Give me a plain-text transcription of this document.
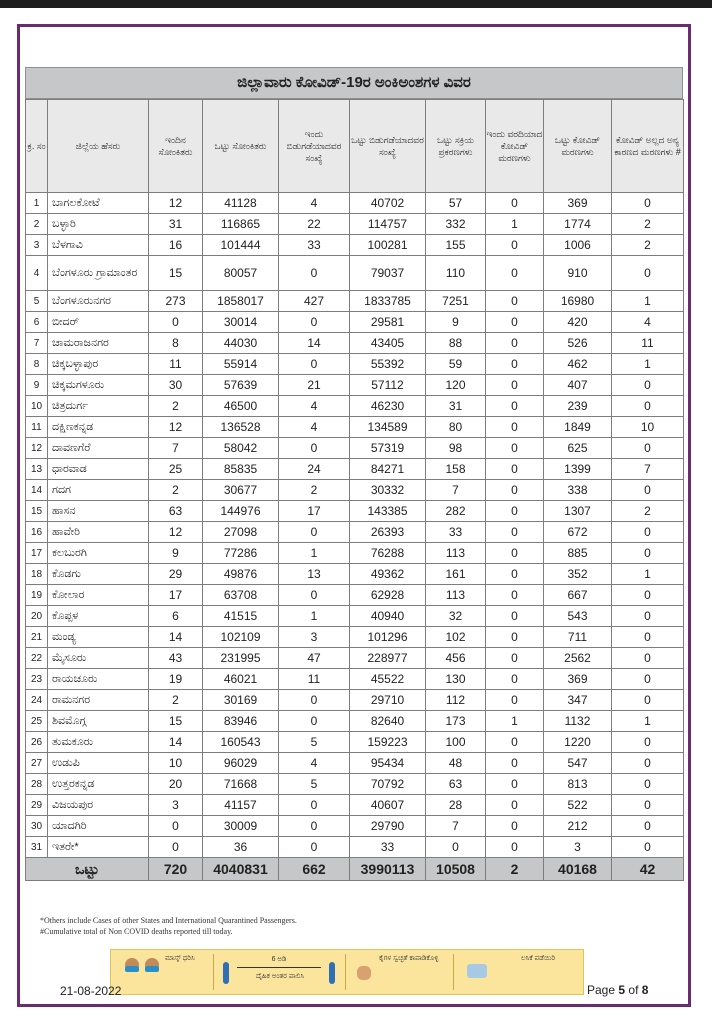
ಜಿಲ್ಲಾವಾರು ಕೋವಿಡ್-19ರ ಅಂಕಿಅಂಶಗಳ ವಿವರ
ಕ್ರ. ಸಂ	ಜಿಲ್ಲೆಯ ಹೆಸರು	ಇಂದಿನ ಸೋಂಕಿತರು	ಒಟ್ಟು ಸೋಂಕಿತರು	ಇಂದು ಬಿಡುಗಡೆಯಾದವರ ಸಂಖ್ಯೆ	ಒಟ್ಟು ಬಿಡುಗಡೆಯಾದವರ ಸಂಖ್ಯೆ	ಒಟ್ಟು ಸಕ್ರಿಯ ಪ್ರಕರಣಗಳು	ಇಂದು ವರದಿಯಾದ ಕೋವಿಡ್ ಮರಣಗಳು	ಒಟ್ಟು ಕೋವಿಡ್ ಮರಣಗಳು	ಕೋವಿಡ್ ಅಲ್ಲದ ಅನ್ಯ ಕಾರಣದ ಮರಣಗಳು #
1	ಬಾಗಲಕೋಟೆ	12	41128	4	40702	57	0	369	0
2	ಬಳ್ಳಾರಿ	31	116865	22	114757	332	1	1774	2
3	ಬೆಳಗಾವಿ	16	101444	33	100281	155	0	1006	2
4	ಬೆಂಗಳೂರು ಗ್ರಾಮಾಂತರ	15	80057	0	79037	110	0	910	0
5	ಬೆಂಗಳೂರುನಗರ	273	1858017	427	1833785	7251	0	16980	1
6	ಬೀದರ್	0	30014	0	29581	9	0	420	4
7	ಚಾಮರಾಜನಗರ	8	44030	14	43405	88	0	526	11
8	ಚಿಕ್ಕಬಳ್ಳಾಪುರ	11	55914	0	55392	59	0	462	1
9	ಚಿಕ್ಕಮಗಳೂರು	30	57639	21	57112	120	0	407	0
10	ಚಿತ್ರದುರ್ಗ	2	46500	4	46230	31	0	239	0
11	ದಕ್ಷಿಣಕನ್ನಡ	12	136528	4	134589	80	0	1849	10
12	ದಾವಣಗೆರೆ	7	58042	0	57319	98	0	625	0
13	ಧಾರವಾಡ	25	85835	24	84271	158	0	1399	7
14	ಗದಗ	2	30677	2	30332	7	0	338	0
15	ಹಾಸನ	63	144976	17	143385	282	0	1307	2
16	ಹಾವೇರಿ	12	27098	0	26393	33	0	672	0
17	ಕಲಬುರಗಿ	9	77286	1	76288	113	0	885	0
18	ಕೊಡಗು	29	49876	13	49362	161	0	352	1
19	ಕೋಲಾರ	17	63708	0	62928	113	0	667	0
20	ಕೊಪ್ಪಳ	6	41515	1	40940	32	0	543	0
21	ಮಂಡ್ಯ	14	102109	3	101296	102	0	711	0
22	ಮೈಸೂರು	43	231995	47	228977	456	0	2562	0
23	ರಾಯಚೂರು	19	46021	11	45522	130	0	369	0
24	ರಾಮನಗರ	2	30169	0	29710	112	0	347	0
25	ಶಿವಮೊಗ್ಗ	15	83946	0	82640	173	1	1132	1
26	ತುಮಕೂರು	14	160543	5	159223	100	0	1220	0
27	ಉಡುಪಿ	10	96029	4	95434	48	0	547	0
28	ಉತ್ತರಕನ್ನಡ	20	71668	5	70792	63	0	813	0
29	ವಿಜಯಪುರ	3	41157	0	40607	28	0	522	0
30	ಯಾದಗಿರಿ	0	30009	0	29790	7	0	212	0
31	ಇತರೇ*	0	36	0	33	0	0	3	0
ಒಟ್ಟು		720	4040831	662	3990113	10508	2	40168	42
*Others include Cases of other States and International Quarantined Passengers.
#Cumulative total of Non COVID deaths reported till today.
ಮಾಸ್ಕ್ ಧರಿಸಿ	6 ಅಡಿ
ದೈಹಿಕ ಅಂತರ ಪಾಲಿಸಿ
ಕೈಗಳ ಸ್ವಚ್ಛತೆ ಕಾಪಾಡಿಕೊಳ್ಳಿ	ಲಸಿಕೆ ಪಡೆಯಿರಿ
21-08-2022	Page 5 of 8
